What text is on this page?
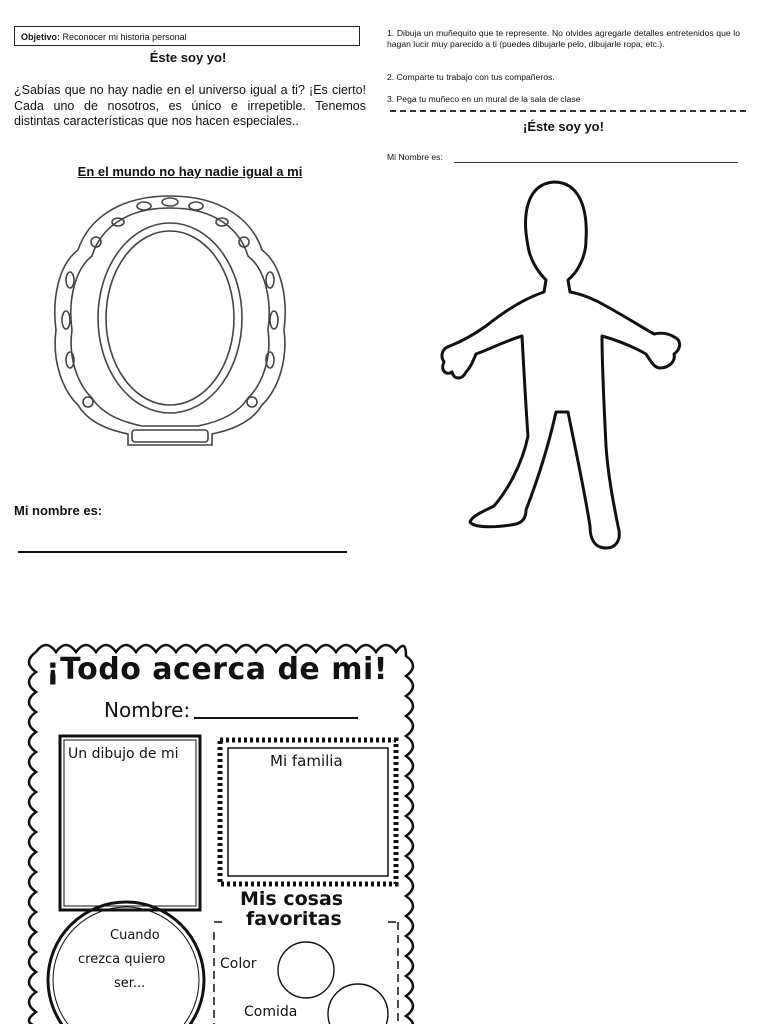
Objetivo: Reconocer mi historia personal
Éste soy yo!
¿Sabías que no hay nadie en el universo igual a ti? ¡Es cierto! Cada uno de nosotros, es único e irrepetible. Tenemos distintas características que nos hacen especiales..
En el mundo no hay nadie igual a mi
Mi nombre es:
1. Dibuja un muñequito que te represente. No olvides agregarle detalles entretenidos que lo hagan lucir muy parecido a ti (puedes dibujarle pelo, dibujarle ropa, etc.).
2. Comparte tu trabajo con tus compañeros.
3. Pega tu muñeco en un mural de la sala de clase
¡Éste soy yo!
Mi Nombre es:
¡Todo acerca de mi!
Nombre:
Un dibujo de mi	Mi familia
Mis cosas
favoritas
Cuando
crezca quiero
ser...
Color
Comida
